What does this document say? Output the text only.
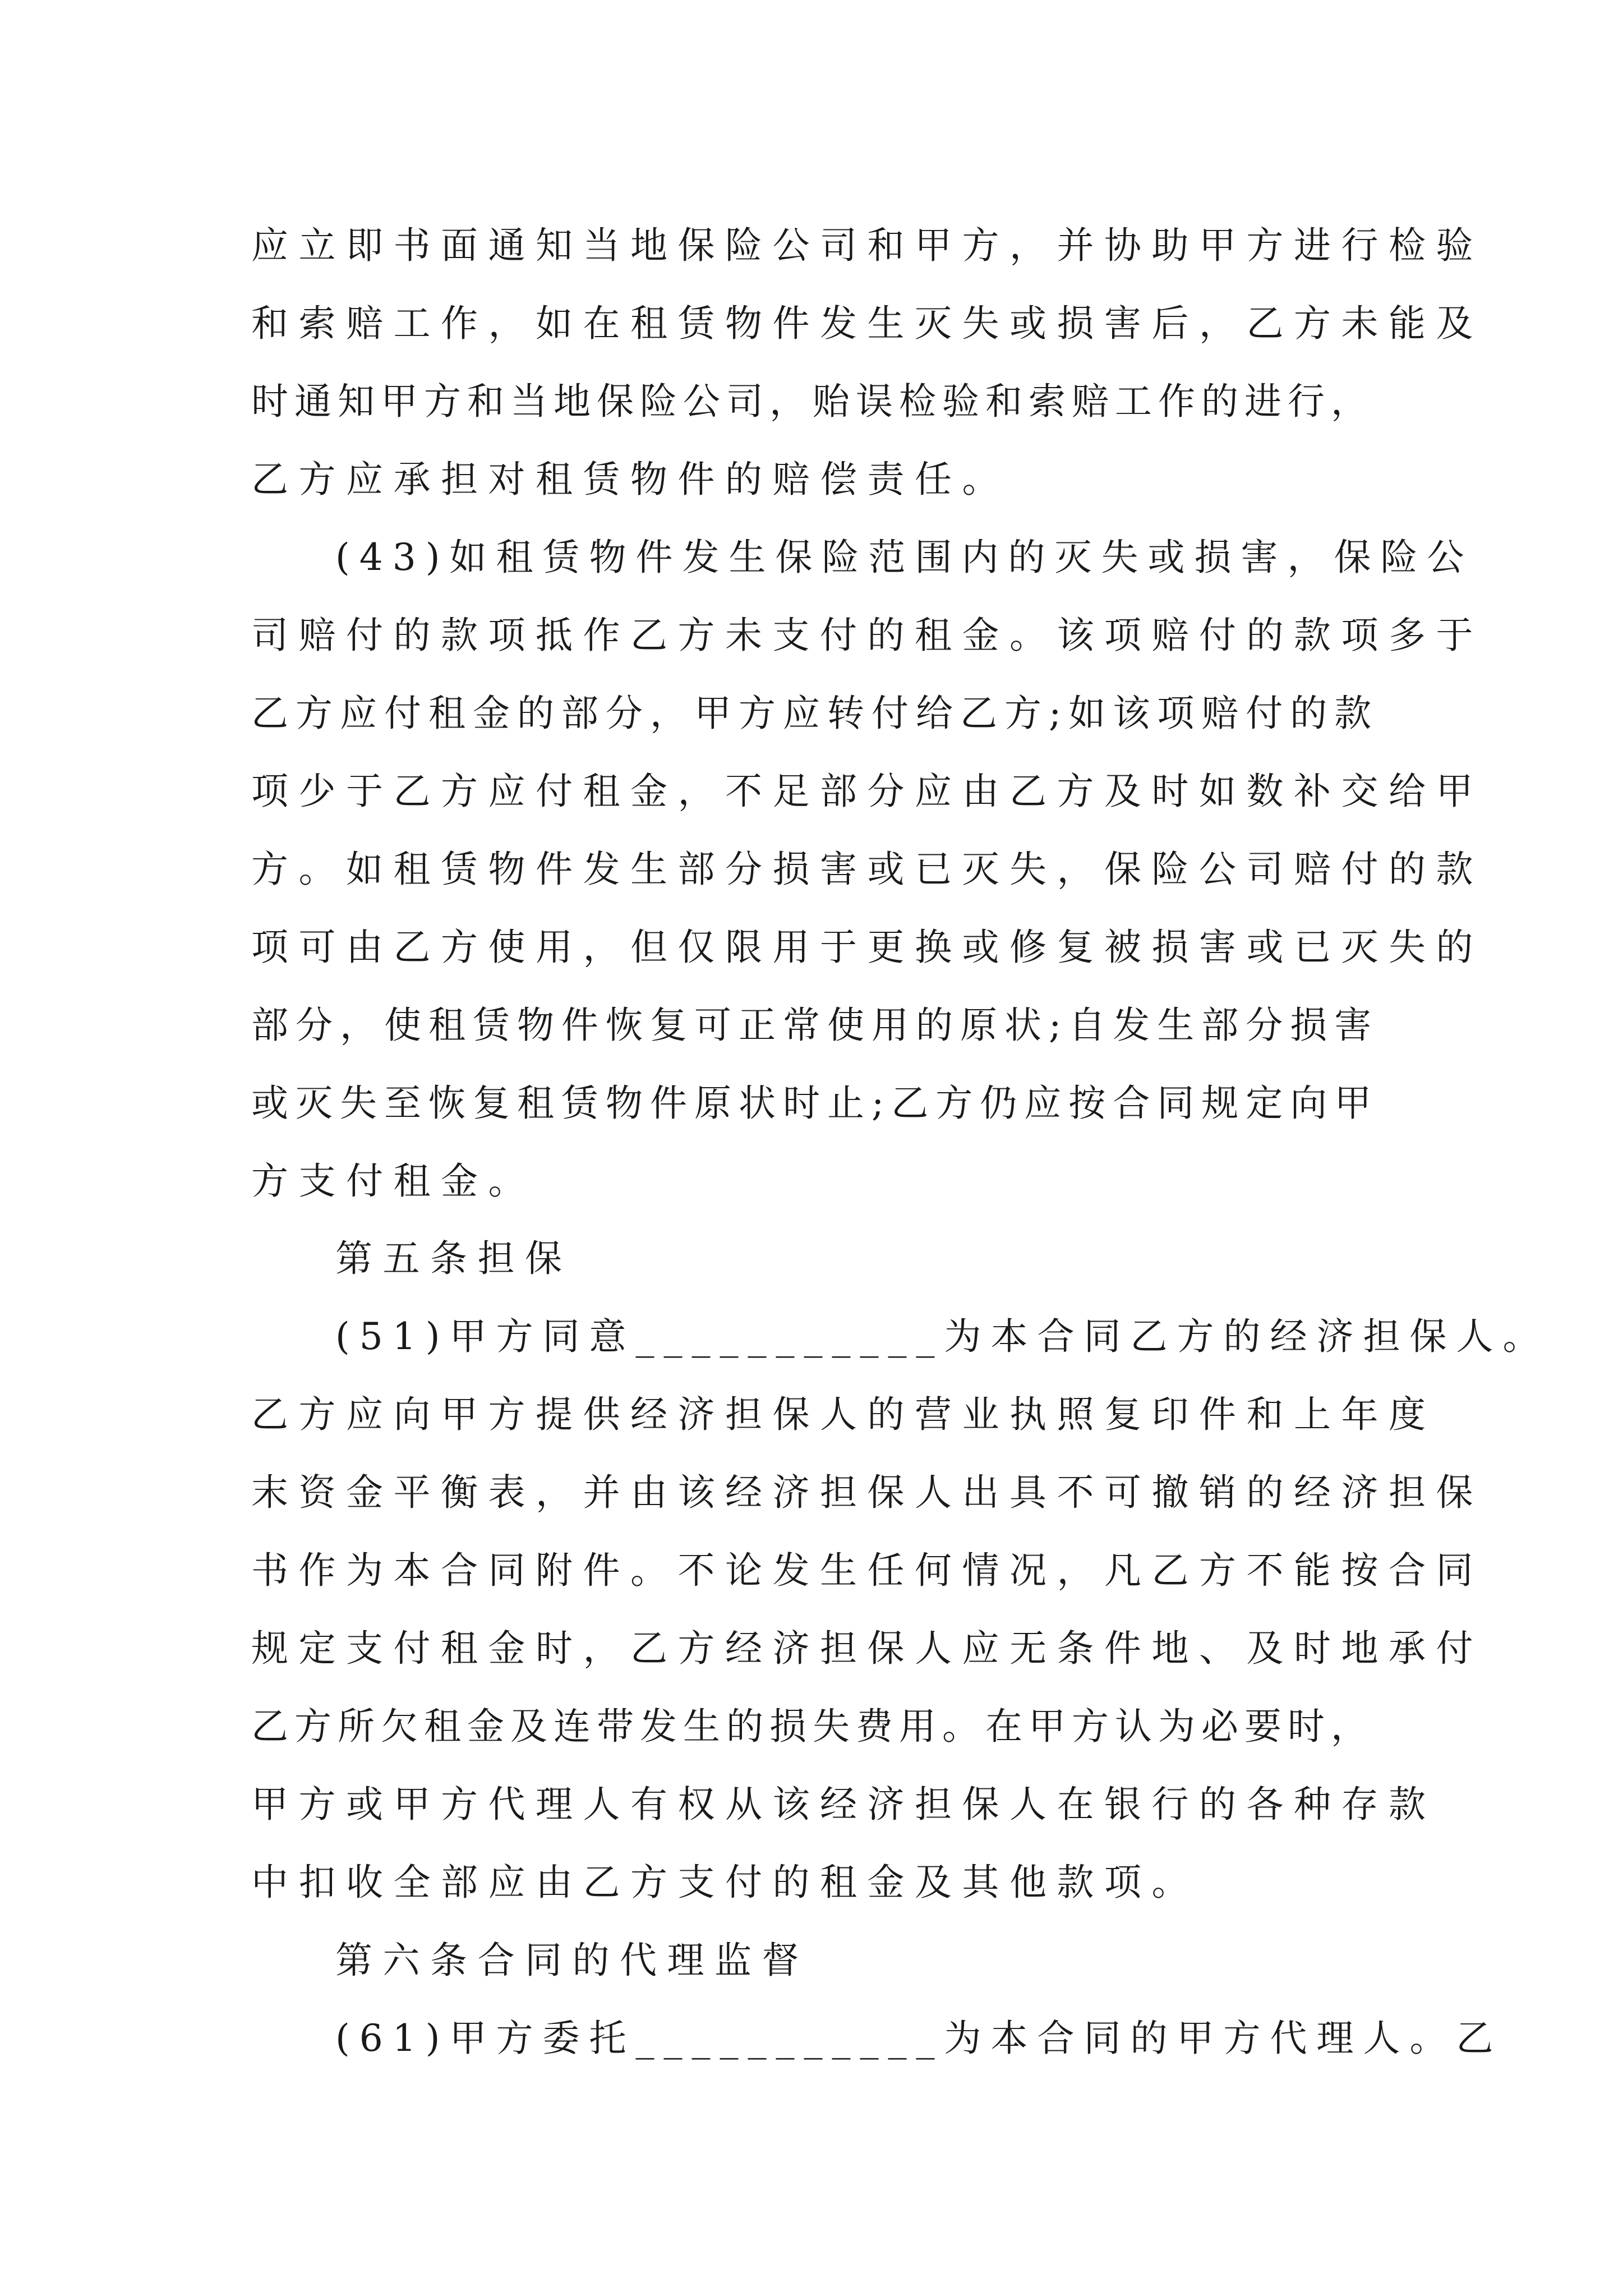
应立即书面通知当地保险公司和甲方，并协助甲方进行检验
和索赔工作，如在租赁物件发生灭失或损害后，乙方未能及
时通知甲方和当地保险公司，贻误检验和索赔工作的进行，
乙方应承担对租赁物件的赔偿责任。
(43)如租赁物件发生保险范围内的灭失或损害，保险公
司赔付的款项抵作乙方未支付的租金。该项赔付的款项多于
乙方应付租金的部分，甲方应转付给乙方;如该项赔付的款
项少于乙方应付租金，不足部分应由乙方及时如数补交给甲
方。如租赁物件发生部分损害或已灭失，保险公司赔付的款
项可由乙方使用，但仅限用于更换或修复被损害或已灭失的
部分，使租赁物件恢复可正常使用的原状;自发生部分损害
或灭失至恢复租赁物件原状时止;乙方仍应按合同规定向甲
方支付租金。
第五条担保
(51)甲方同意___________为本合同乙方的经济担保人。
乙方应向甲方提供经济担保人的营业执照复印件和上年度
末资金平衡表，并由该经济担保人出具不可撤销的经济担保
书作为本合同附件。不论发生任何情况，凡乙方不能按合同
规定支付租金时，乙方经济担保人应无条件地、及时地承付
乙方所欠租金及连带发生的损失费用。在甲方认为必要时，
甲方或甲方代理人有权从该经济担保人在银行的各种存款
中扣收全部应由乙方支付的租金及其他款项。
第六条合同的代理监督
(61)甲方委托___________为本合同的甲方代理人。乙
